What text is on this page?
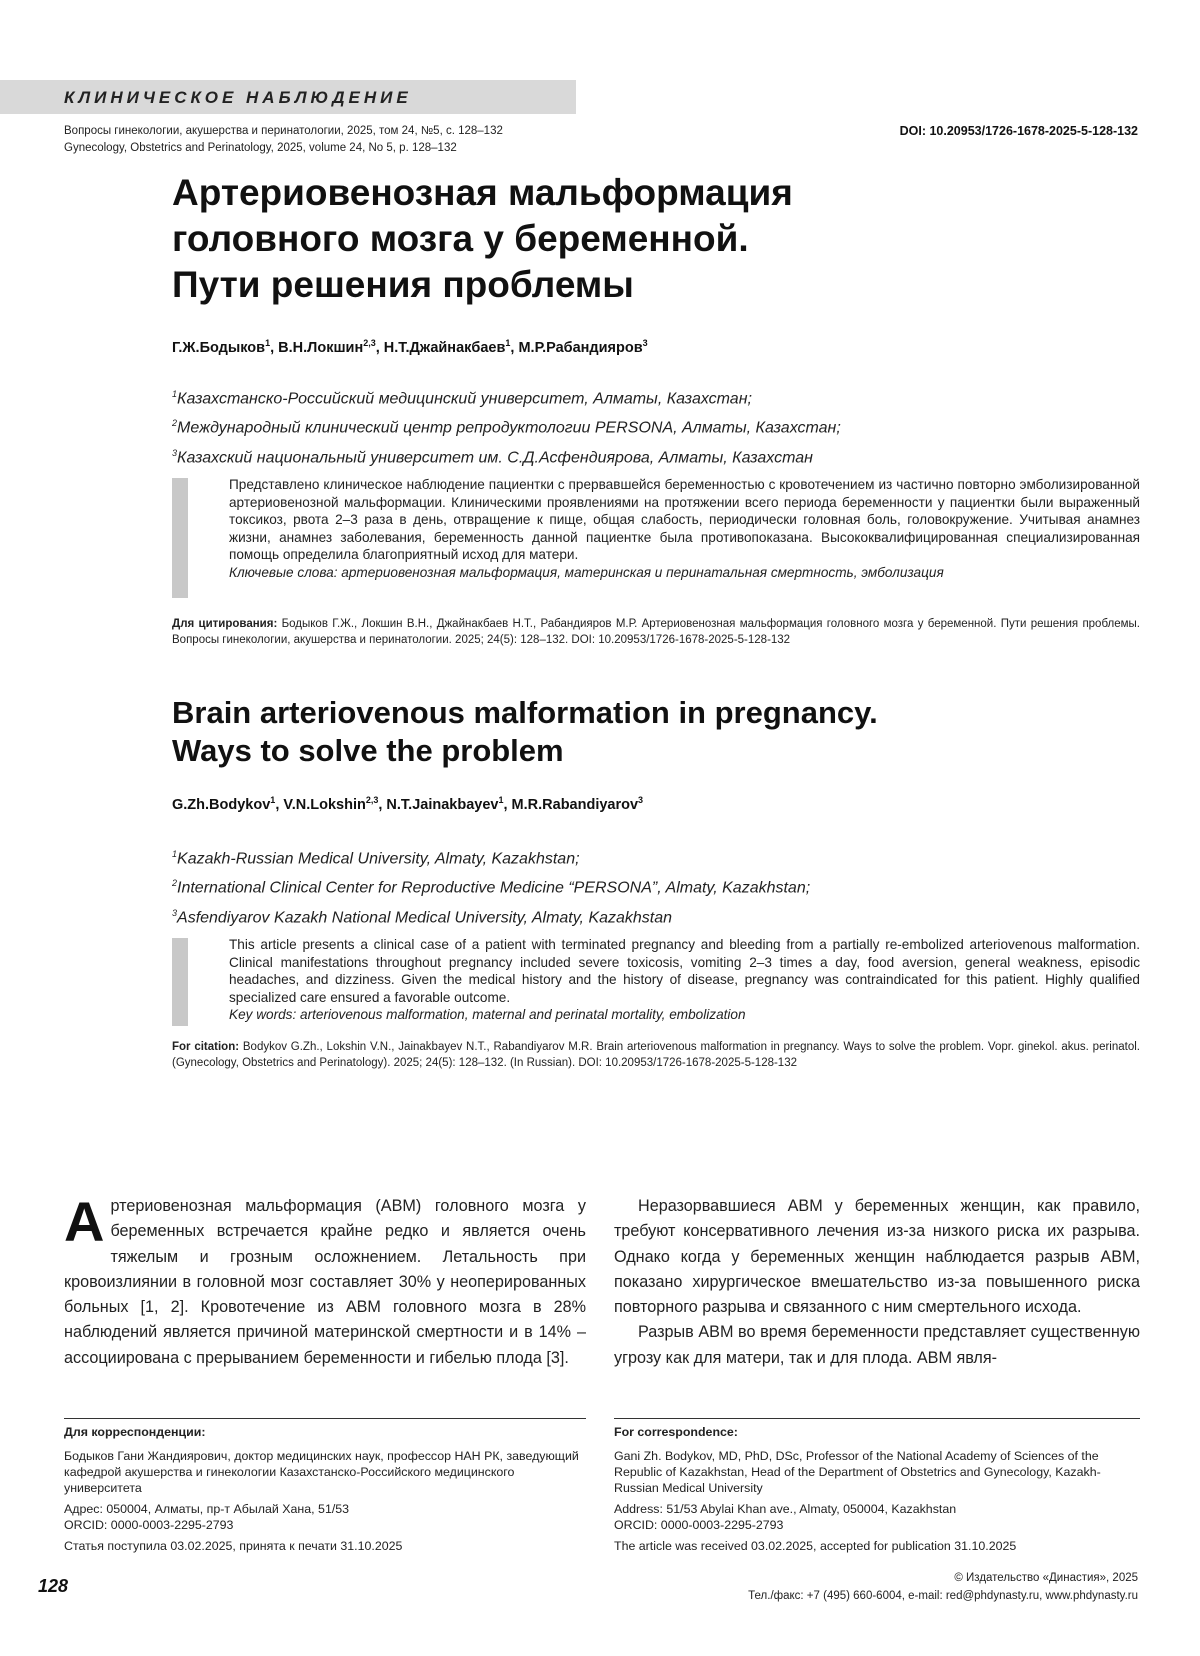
КЛИНИЧЕСКОЕ НАБЛЮДЕНИЕ
Вопросы гинекологии, акушерства и перинатологии, 2025, том 24, №5, с. 128–132
Gynecology, Obstetrics and Perinatology, 2025, volume 24, No 5, p. 128–132
DOI: 10.20953/1726-1678-2025-5-128-132
Артериовенозная мальформация
головного мозга у беременной.
Пути решения проблемы
Г.Ж.Бодыков$^1$, В.Н.Локшин$^{2,3}$, Н.Т.Джайнакбаев$^1$, М.Р.Рабандияров$^3$
$^1$Казахстанско-Российский медицинский университет, Алматы, Казахстан;
$^2$Международный клинический центр репродуктологии PERSONA, Алматы, Казахстан;
$^3$Казахский национальный университет им. С.Д.Асфендиярова, Алматы, Казахстан
Представлено клиническое наблюдение пациентки с прервавшейся беременностью с кровотечением из частично повторно эмболизированной артериовенозной мальформации. Клиническими проявлениями на протяжении всего периода беременности у пациентки были выраженный токсикоз, рвота 2–3 раза в день, отвращение к пище, общая слабость, периодически головная боль, головокружение. Учитывая анамнез жизни, анамнез заболевания, беременность данной пациентке была противопоказана. Высококвалифицированная специализированная помощь определила благоприятный исход для матери.
Ключевые слова: артериовенозная мальформация, материнская и перинатальная смертность, эмболизация
Для цитирования: Бодыков Г.Ж., Локшин В.Н., Джайнакбаев Н.Т., Рабандияров М.Р. Артериовенозная мальформация головного мозга у беременной. Пути решения проблемы. Вопросы гинекологии, акушерства и перинатологии. 2025; 24(5): 128–132. DOI: 10.20953/1726-1678-2025-5-128-132
Brain arteriovenous malformation in pregnancy.
Ways to solve the problem
G.Zh.Bodykov$^1$, V.N.Lokshin$^{2,3}$, N.T.Jainakbayev$^1$, M.R.Rabandiyarov$^3$
$^1$Kazakh-Russian Medical University, Almaty, Kazakhstan;
$^2$International Clinical Center for Reproductive Medicine “PERSONA”, Almaty, Kazakhstan;
$^3$Asfendiyarov Kazakh National Medical University, Almaty, Kazakhstan
This article presents a clinical case of a patient with terminated pregnancy and bleeding from a partially re-embolized arteriovenous malformation. Clinical manifestations throughout pregnancy included severe toxicosis, vomiting 2–3 times a day, food aversion, general weakness, episodic headaches, and dizziness. Given the medical history and the history of disease, pregnancy was contraindicated for this patient. Highly qualified specialized care ensured a favorable outcome.
Key words: arteriovenous malformation, maternal and perinatal mortality, embolization
For citation: Bodykov G.Zh., Lokshin V.N., Jainakbayev N.T., Rabandiyarov M.R. Brain arteriovenous malformation in pregnancy. Ways to solve the problem. Vopr. ginekol. akus. perinatol. (Gynecology, Obstetrics and Perinatology). 2025; 24(5): 128–132. (In Russian). DOI: 10.20953/1726-1678-2025-5-128-132

Артериовенозная мальформация (АВМ) головного мозга у беременных встречается крайне редко и является очень тяжелым и грозным осложнением. Летальность при кровоизлиянии в головной мозг составляет 30% у неоперированных больных [1, 2]. Кровотечение из АВМ головного мозга в 28% наблюдений является причиной материнской смертности и в 14% – ассоциирована с прерыванием беременности и гибелью плода [3].

Неразорвавшиеся АВМ у беременных женщин, как правило, требуют консервативного лечения из-за низкого риска их разрыва. Однако когда у беременных женщин наблюдается разрыв АВМ, показано хирургическое вмешательство из-за повышенного риска повторного разрыва и связанного с ним смертельного исхода.

Разрыв АВМ во время беременности представляет существенную угрозу как для матери, так и для плода. АВМ явля-

Для корреспонденции:

Бодыков Гани Жандиярович, доктор медицинских наук, профессор НАН РК, заведующий кафедрой акушерства и гинекологии Казахстанско-Российского медицинского университета

Адрес: 050004, Алматы, пр-т Абылай Хана, 51/53

ORCID: 0000-0003-2295-2793

Статья поступила 03.02.2025, принята к печати 31.10.2025

For correspondence:

Gani Zh. Bodykov, MD, PhD, DSc, Professor of the National Academy of Sciences of the Republic of Kazakhstan, Head of the Department of Obstetrics and Gynecology, Kazakh-Russian Medical University

Address: 51/53 Abylai Khan ave., Almaty, 050004, Kazakhstan

ORCID: 0000-0003-2295-2793

The article was received 03.02.2025, accepted for publication 31.10.2025

128	© Издательство «Династия», 2025
Тел./факс: +7 (495) 660-6004, e-mail: red@phdynasty.ru, www.phdynasty.ru
